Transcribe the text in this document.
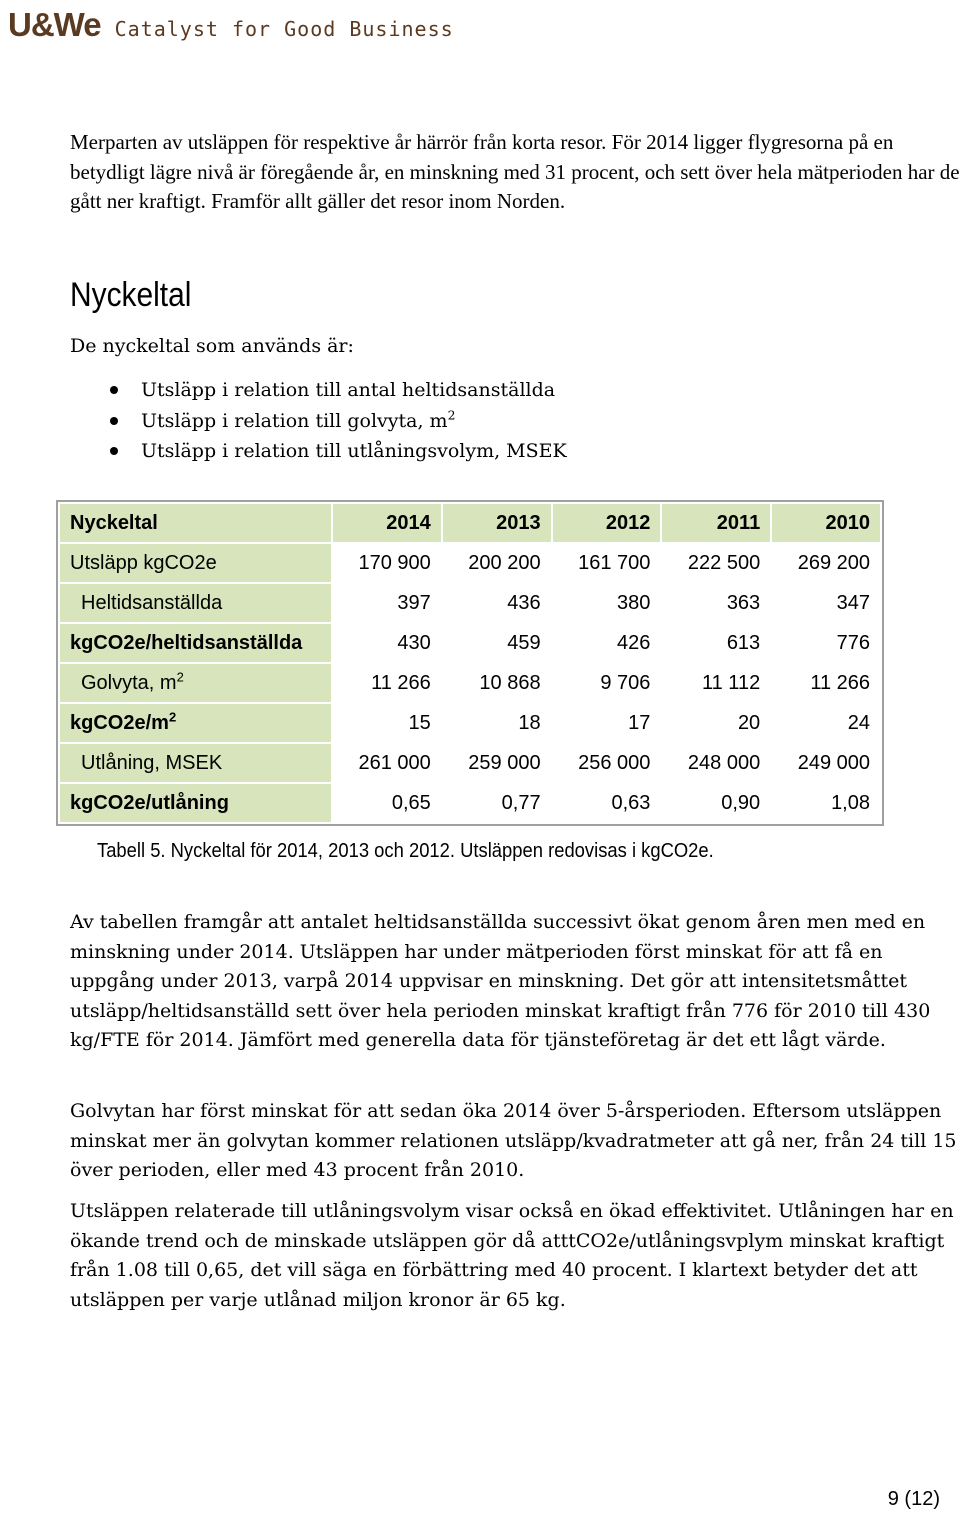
U&We Catalyst for Good Business

Merparten av utsläppen för respektive år härrör från korta resor. För 2014 ligger flygresorna på en betydligt lägre nivå är föregående år, en minskning med 31 procent, och sett över hela mätperioden har de gått ner kraftigt. Framför allt gäller det resor inom Norden.

Nyckeltal

De nyckeltal som används är:

Utsläpp i relation till antal heltidsanställda
Utsläpp i relation till golvyta, $m^2$
Utsläpp i relation till utlåningsvolym, MSEK
Nyckeltal	2014	2013	2012	2011	2010
Utsläpp kgCO2e	170 900	200 200	161 700	222 500	269 200
Heltidsanställda	397	436	380	363	347
kgCO2e/heltidsanställda	430	459	426	613	776
Golvyta, $m^2$	11 266	10 868	9 706	11 112	11 266
$kgCO2e/m^2$	15	18	17	20	24
Utlåning, MSEK	261 000	259 000	256 000	248 000	249 000
kgCO2e/utlåning	0,65	0,77	0,63	0,90	1,08
Tabell 5. Nyckeltal för 2014, 2013 och 2012. Utsläppen redovisas i kgCO2e.

Av tabellen framgår att antalet heltidsanställda successivt ökat genom åren men med en minskning under 2014. Utsläppen har under mätperioden först minskat för att få en uppgång under 2013, varpå 2014 uppvisar en minskning. Det gör att intensitetsmåttet utsläpp/heltidsanställd sett över hela perioden minskat kraftigt från 776 för 2010 till 430 kg/FTE för 2014. Jämfört med generella data för tjänsteföretag är det ett lågt värde.

Golvytan har först minskat för att sedan öka 2014 över 5-årsperioden. Eftersom utsläppen minskat mer än golvytan kommer relationen utsläpp/kvadratmeter att gå ner, från 24 till 15 över perioden, eller med 43 procent från 2010.

Utsläppen relaterade till utlåningsvolym visar också en ökad effektivitet. Utlåningen har en ökande trend och de minskade utsläppen gör då atttCO2e/utlåningsvplym minskat kraftigt från 1.08 till 0,65, det vill säga en förbättring med 40 procent. I klartext betyder det att utsläppen per varje utlånad miljon kronor är 65 kg.

9 (12)
